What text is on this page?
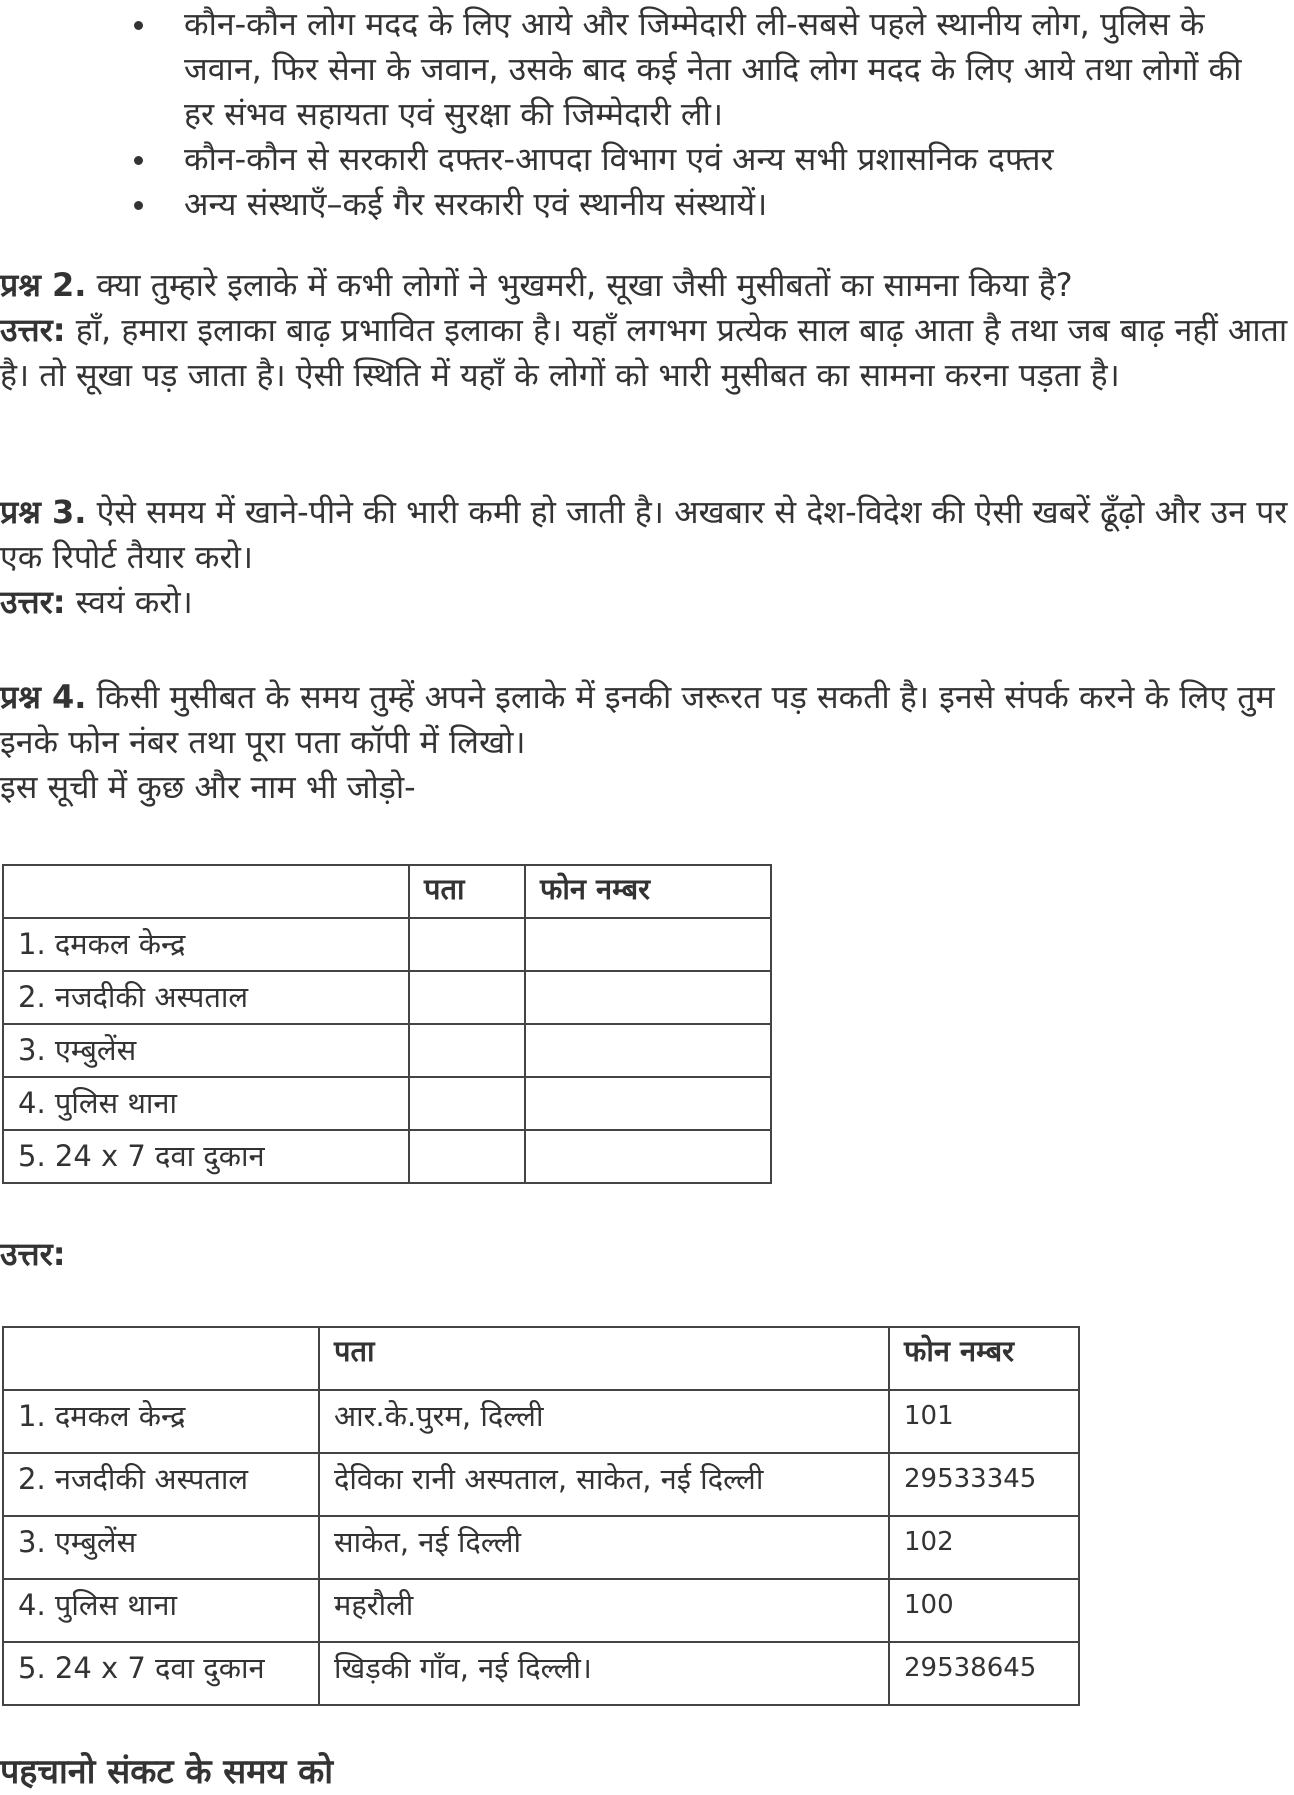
कौन-कौन लोग मदद के लिए आये और जिम्मेदारी ली-सबसे पहले स्थानीय लोग, पुलिस के जवान, फिर सेना के जवान, उसके बाद कई नेता आदि लोग मदद के लिए आये तथा लोगों की हर संभव सहायता एवं सुरक्षा की जिम्मेदारी ली।
कौन-कौन से सरकारी दफ्तर-आपदा विभाग एवं अन्य सभी प्रशासनिक दफ्तर
अन्य संस्थाएँ–कई गैर सरकारी एवं स्थानीय संस्थायें।
प्रश्न 2. क्या तुम्हारे इलाके में कभी लोगों ने भुखमरी, सूखा जैसी मुसीबतों का सामना किया है?
उत्तर: हाँ, हमारा इलाका बाढ़ प्रभावित इलाका है। यहाँ लगभग प्रत्येक साल बाढ़ आता है तथा जब बाढ़ नहीं आता है। तो सूखा पड़ जाता है। ऐसी स्थिति में यहाँ के लोगों को भारी मुसीबत का सामना करना पड़ता है।
प्रश्न 3. ऐसे समय में खाने-पीने की भारी कमी हो जाती है। अखबार से देश-विदेश की ऐसी खबरें ढूँढ़ो और उन पर एक रिपोर्ट तैयार करो।
उत्तर: स्वयं करो।
प्रश्न 4. किसी मुसीबत के समय तुम्हें अपने इलाके में इनकी जरूरत पड़ सकती है। इनसे संपर्क करने के लिए तुम इनके फोन नंबर तथा पूरा पता कॉपी में लिखो।
इस सूची में कुछ और नाम भी जोड़ो-
	पता	फोन नम्बर
1. दमकल केन्द्र		
2. नजदीकी अस्पताल		
3. एम्बुलेंस		
4. पुलिस थाना		
5. 24 x 7 दवा दुकान		
उत्तर:
	पता	फोन नम्बर
1. दमकल केन्द्र	आर.के.पुरम, दिल्ली	101
2. नजदीकी अस्पताल	देविका रानी अस्पताल, साकेत, नई दिल्ली	29533345
3. एम्बुलेंस	साकेत, नई दिल्ली	102
4. पुलिस थाना	महरौली	100
5. 24 x 7 दवा दुकान	खिड़की गाँव, नई दिल्ली।	29538645
पहचानो संकट के समय को
